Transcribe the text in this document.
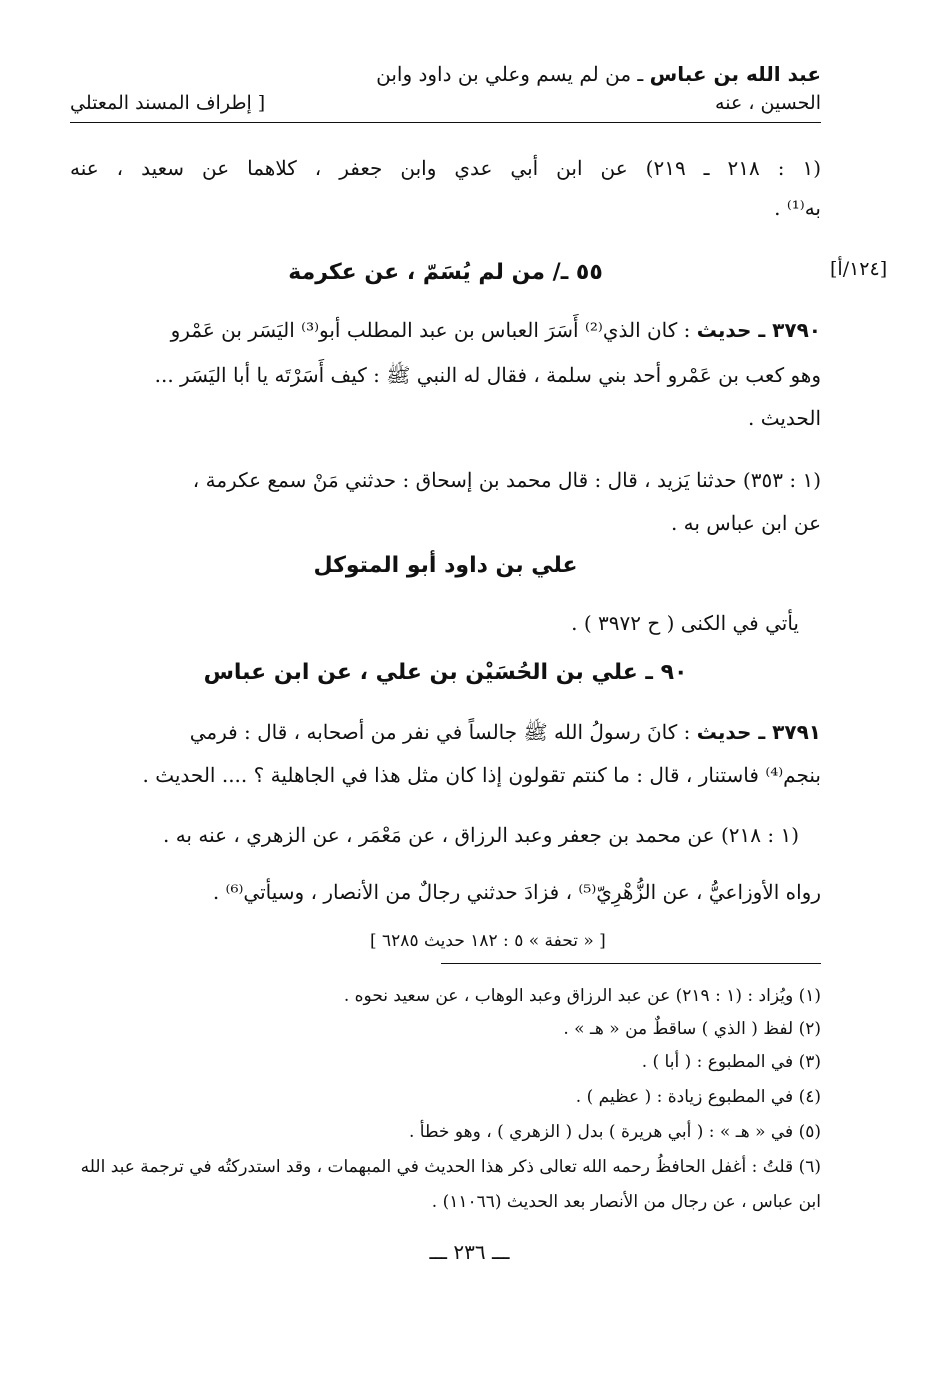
عبد الله بن عباس ـ من لم يسم وعلي بن داود وابن
الحسين ، عنه
[ إطراف المسند المعتلي
[١٢٤/أ]
(١ : ٢١٨ ـ ٢١٩) عن ابن أبي عدي وابن جعفر ، كلاهما عن سعيد ، عنه
به⁽¹⁾ .
٥٥ ـ/ من لم يُسَمّ ، عن عكرمة
٣٧٩٠ ـ حديث : كان الذي⁽²⁾ أَسَرَ العباس بن عبد المطلب أبو⁽³⁾ اليَسَر بن عَمْرو
وهو كعب بن عَمْرو أحد بني سلمة ، فقال له النبي ﷺ : كيف أَسَرْتَه يا أبا اليَسَر ...
الحديث .
(١ : ٣٥٣) حدثنا يَزيد ، قال : قال محمد بن إسحاق : حدثني مَنْ سمع عكرمة ،
عن ابن عباس به .
علي بن داود أبو المتوكل
يأتي في الكنى ( ح ٣٩٧٢ ) .
٩٠ ـ علي بن الحُسَيْن بن علي ، عن ابن عباس
٣٧٩١ ـ حديث : كانَ رسولُ الله ﷺ جالساً في نفر من أصحابه ، قال : فرمي
بنجم⁽⁴⁾ فاستنار ، قال : ما كنتم تقولون إذا كان مثل هذا في الجاهلية ؟ .... الحديث .
(١ : ٢١٨) عن محمد بن جعفر وعبد الرزاق ، عن مَعْمَر ، عن الزهري ، عنه به .
رواه الأوزاعيُّ ، عن الزُّهْرِيّ⁽⁵⁾ ، فزادَ حدثني رجالٌ من الأنصار ، وسيأتي⁽⁶⁾ .
[ « تحفة » ٥ : ١٨٢ حديث ٦٢٨٥ ]
(١) ويُزاد : (١ : ٢١٩) عن عبد الرزاق وعبد الوهاب ، عن سعيد نحوه .
(٢) لفظ ( الذي ) ساقطٌ من « هـ » .
(٣) في المطبوع : ( أبا ) .
(٤) في المطبوع زيادة : ( عظيم ) .
(٥) في « هـ » : ( أبي هريرة ) بدل ( الزهري ) ، وهو خطأ .
(٦) قلتُ : أغفل الحافظُ رحمه الله تعالى ذكر هذا الحديث في المبهمات ، وقد استدركتُه في ترجمة عبد الله
ابن عباس ، عن رجال من الأنصار بعد الحديث (١١٠٦٦) .
ـــ ٢٣٦ ـــ
